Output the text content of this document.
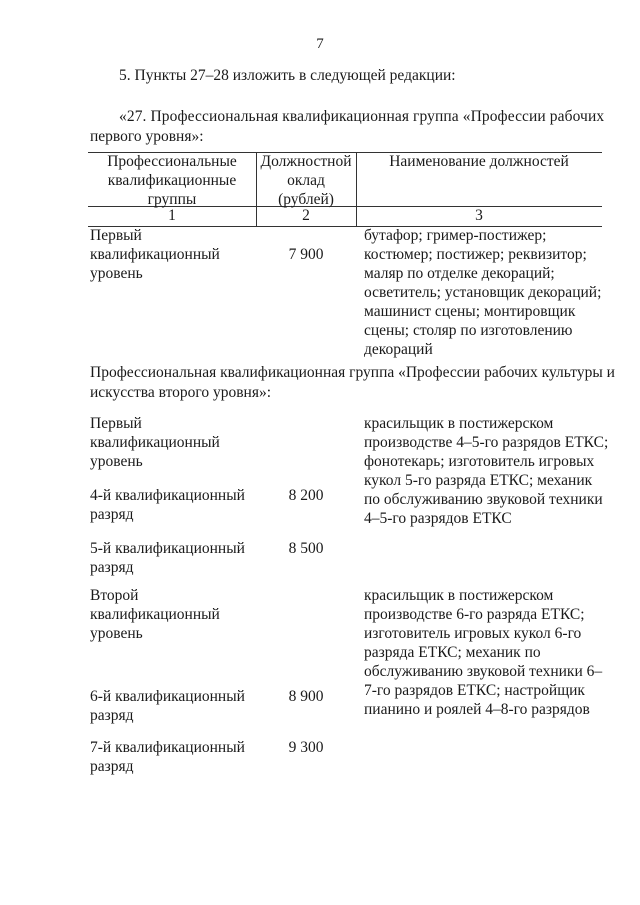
7
5. Пункты 27–28 изложить в следующей редакции:
«27. Профессиональная квалификационная группа «Профессии рабочих
первого уровня»:
Профессиональные
квалификационные
группы
Должностной
оклад
(рублей)
Наименование должностей
1	2	3
Первый
квалификационный
уровень
7 900
бутафор; гример-постижер;
костюмер; постижер; реквизитор;
маляр по отделке декораций;
осветитель; установщик декораций;
машинист сцены; монтировщик
сцены; столяр по изготовлению
декораций
Профессиональная квалификационная группа «Профессии рабочих культуры и
искусства второго уровня»:
Первый
квалификационный
уровень
красильщик в постижерском
производстве 4–5-го разрядов ЕТКС;
фонотекарь; изготовитель игровых
кукол 5-го разряда ЕТКС; механик
по обслуживанию звуковой техники
4–5-го разрядов ЕТКС
4-й квалификационный
разряд
8 200
5-й квалификационный
разряд
8 500
Второй
квалификационный
уровень
красильщик в постижерском
производстве 6-го разряда ЕТКС;
изготовитель игровых кукол 6-го
разряда ЕТКС; механик по
обслуживанию звуковой техники 6–
7-го разрядов ЕТКС; настройщик
пианино и роялей 4–8-го разрядов
6-й квалификационный
разряд
8 900
7-й квалификационный
разряд
9 300
